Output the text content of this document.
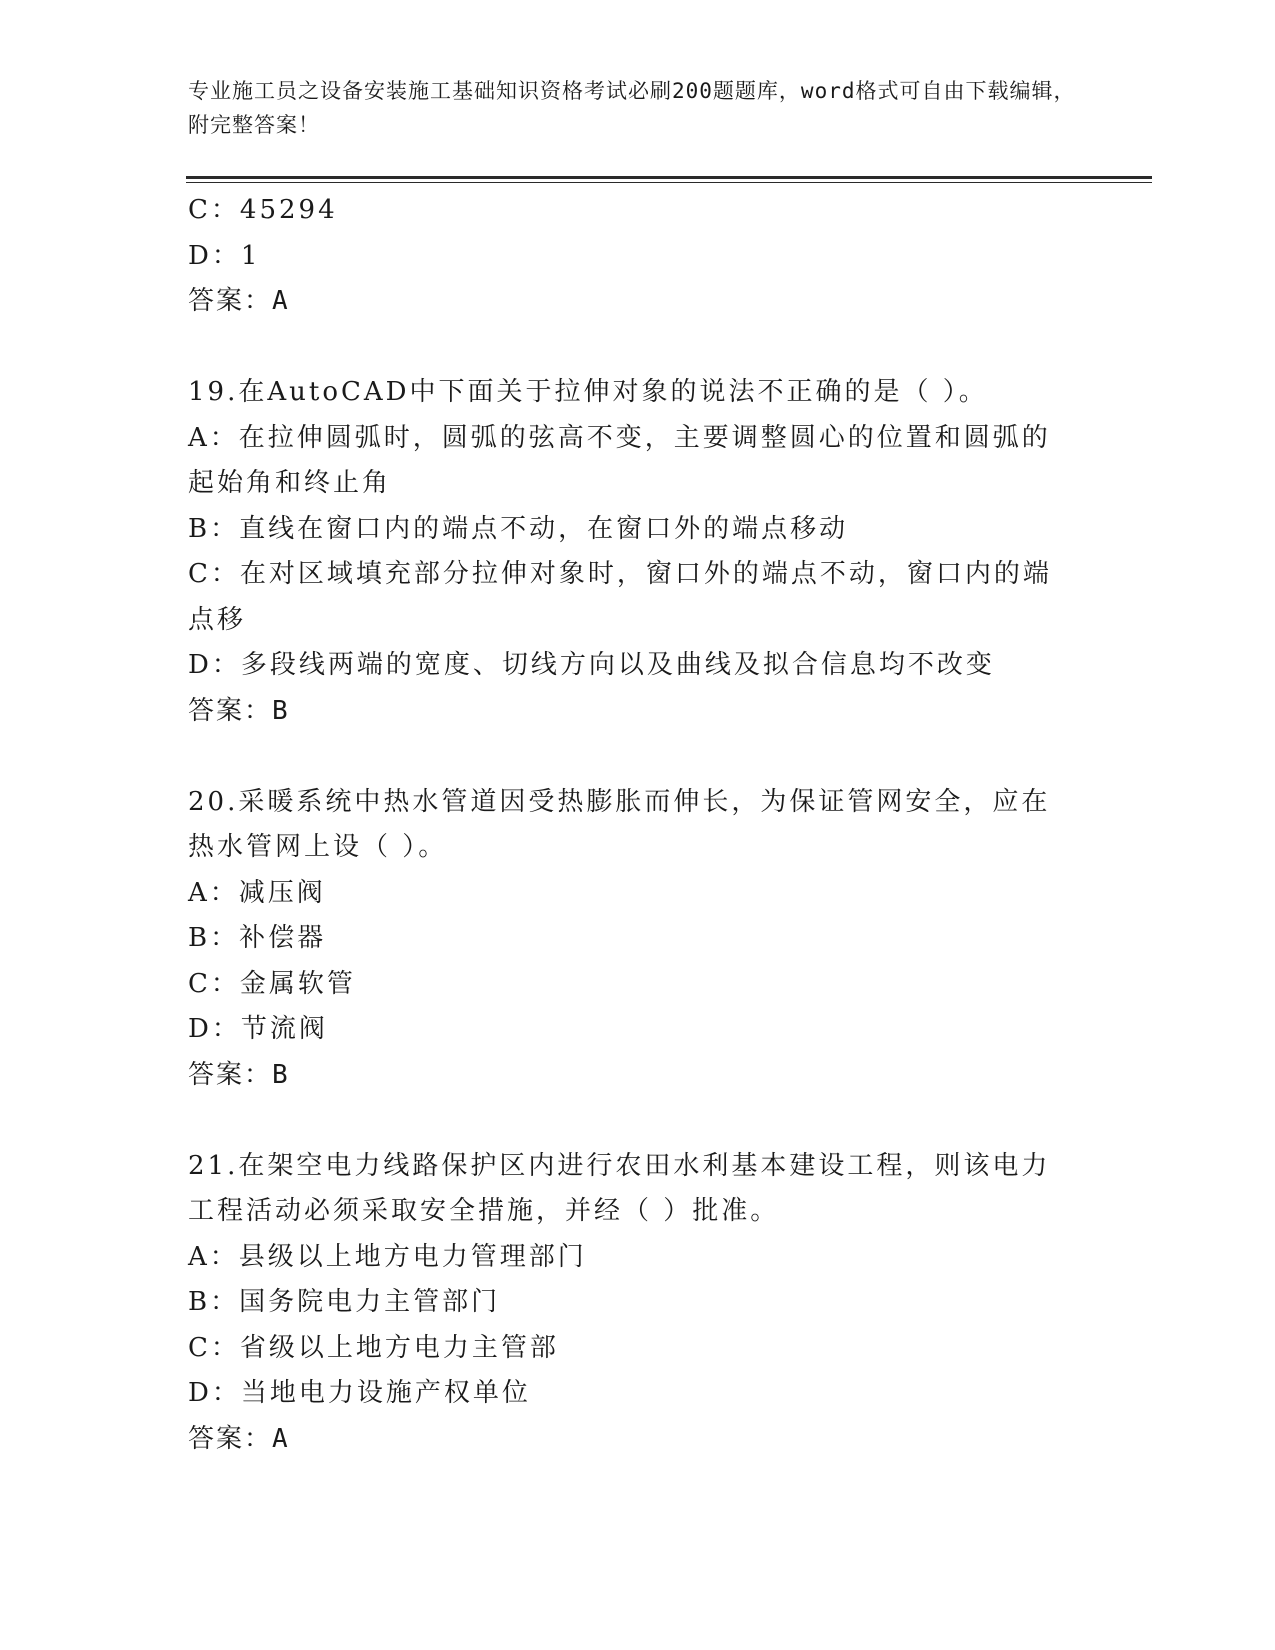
专业施工员之设备安装施工基础知识资格考试必刷200题题库，word格式可自由下载编辑，附完整答案！
C：45294
D：1
答案：A
19.在AutoCAD中下面关于拉伸对象的说法不正确的是（ ）。
A：在拉伸圆弧时，圆弧的弦高不变，主要调整圆心的位置和圆弧的起始角和终止角
B：直线在窗口内的端点不动，在窗口外的端点移动
C：在对区域填充部分拉伸对象时，窗口外的端点不动，窗口内的端点移
D：多段线两端的宽度、切线方向以及曲线及拟合信息均不改变
答案：B
20.采暖系统中热水管道因受热膨胀而伸长，为保证管网安全，应在热水管网上设（ ）。
A：减压阀
B：补偿器
C：金属软管
D：节流阀
答案：B
21.在架空电力线路保护区内进行农田水利基本建设工程，则该电力工程活动必须采取安全措施，并经（ ）批准。
A：县级以上地方电力管理部门
B：国务院电力主管部门
C：省级以上地方电力主管部
D：当地电力设施产权单位
答案：A
